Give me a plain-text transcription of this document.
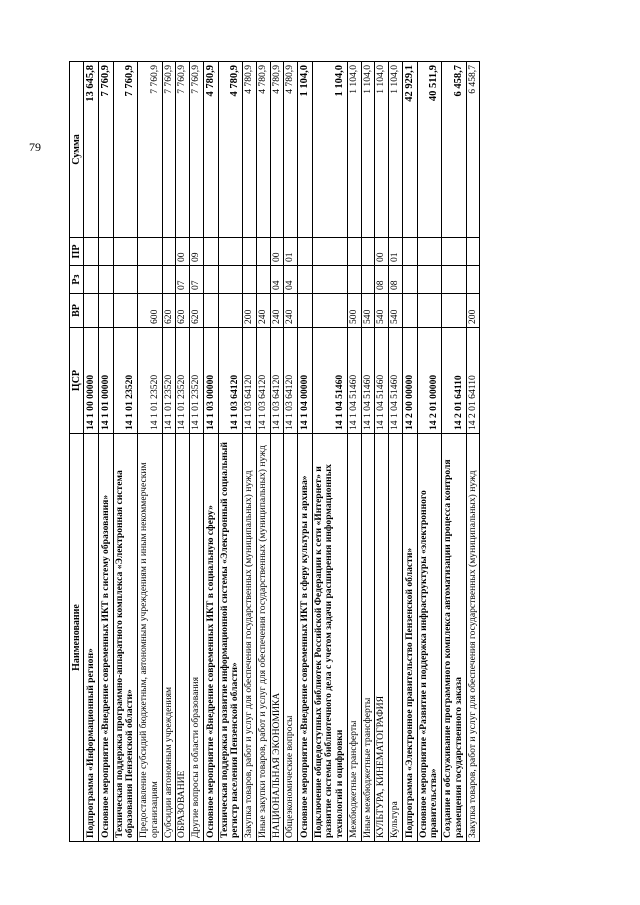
79
Наименование	ЦСР	ВР	Рз	ПР	Сумма
Подпрограмма «Информационный регион»	14 1 00 00000				13 645,8
Основное мероприятие «Внедрение современных ИКТ в систему образования»	14 1 01 00000				7 760,9
Техническая поддержка программно-аппаратного комплекса «Электронная система образования Пензенской области»	14 1 01 23520				7 760,9
Предоставление субсидий бюджетным, автономным учреждениям и иным некоммерческим организациям	14 1 01 23520	600			7 760,9
Субсидии автономным учреждениям	14 1 01 23520	620			7 760,9
ОБРАЗОВАНИЕ	14 1 01 23520	620	07	00	7 760,9
Другие вопросы в области образования	14 1 01 23520	620	07	09	7 760,9
Основное мероприятие «Внедрение современных ИКТ в социальную сферу»	14 1 03 00000				4 780,9
Техническая поддержка и развитие информационной системы «Электронный социальный регистр населения Пензенской области»	14 1 03 64120				4 780,9
Закупка товаров, работ и услуг для обеспечения государственных (муниципальных) нужд	14 1 03 64120	200			4 780,9
Иные закупки товаров, работ и услуг для обеспечения государственных (муниципальных) нужд	14 1 03 64120	240			4 780,9
НАЦИОНАЛЬНАЯ ЭКОНОМИКА	14 1 03 64120	240	04	00	4 780,9
Общеэкономические вопросы	14 1 03 64120	240	04	01	4 780,9
Основное мероприятие «Внедрение современных ИКТ в сферу культуры и архива»	14 1 04 00000				1 104,0
Подключение общедоступных библиотек Российской Федерации к сети «Интернет» и развитие системы библиотечного дела с учетом задачи расширения информационных технологий и оцифровки	14 1 04 51460				1 104,0
Межбюджетные трансферты	14 1 04 51460	500			1 104,0
Иные межбюджетные трансферты	14 1 04 51460	540			1 104,0
КУЛЬТУРА, КИНЕМАТОГРАФИЯ	14 1 04 51460	540	08	00	1 104,0
Культура	14 1 04 51460	540	08	01	1 104,0
Подпрограмма «Электронное правительство Пензенской области»	14 2 00 00000				42 929,1
Основное мероприятие «Развитие и поддержка инфраструктуры «электронного правительства»	14 2 01 00000				40 511,9
Создание и обслуживание программного комплекса автоматизации процесса контроля размещения государственного заказа	14 2 01 64110				6 458,7
Закупка товаров, работ и услуг для обеспечения государственных (муниципальных) нужд	14 2 01 64110	200			6 458,7
